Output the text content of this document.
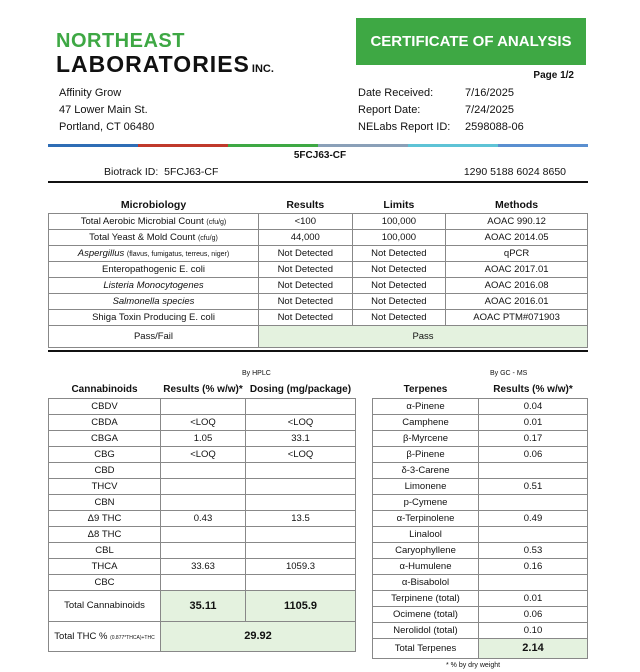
NORTHEAST
LABORATORIES INC.
CERTIFICATE OF ANALYSIS
Page 1/2
Affinity Grow
47 Lower Main St.
Portland, CT 06480
Date Received:	7/16/2025
Report Date:	7/24/2025
NELabs Report ID:	2598088-06
5FCJ63-CF
Biotrack ID: 5FCJ63-CF	1290 5188 6024 8650
Microbiology	Results	Limits	Methods
Total Aerobic Microbial Count (cfu/g)	<100	100,000	AOAC 990.12
Total Yeast & Mold Count (cfu/g)	44,000	100,000	AOAC 2014.05
Aspergillus (flavus, fumigatus, terreus, niger)	Not Detected	Not Detected	qPCR
Enteropathogenic E. coli	Not Detected	Not Detected	AOAC 2017.01
Listeria Monocytogenes	Not Detected	Not Detected	AOAC 2016.08
Salmonella species	Not Detected	Not Detected	AOAC 2016.01
Shiga Toxin Producing E. coli	Not Detected	Not Detected	AOAC PTM#071903
Pass/Fail	Pass		
By HPLC	By GC - MS
Cannabinoids	Results (% w/w)*	Dosing (mg/package)
CBDV		
CBDA	<LOQ	<LOQ
CBGA	1.05	33.1
CBG	<LOQ	<LOQ
CBD		
THCV		
CBN		
Δ9 THC	0.43	13.5
Δ8 THC		
CBL		
THCA	33.63	1059.3
CBC		
Total Cannabinoids	35.11	1105.9
Total THC % (0.877*THCA)+THC	29.92	
Terpenes	Results (% w/w)*
α-Pinene	0.04
Camphene	0.01
β-Myrcene	0.17
β-Pinene	0.06
δ-3-Carene	
Limonene	0.51
p-Cymene	
α-Terpinolene	0.49
Linalool	
Caryophyllene	0.53
α-Humulene	0.16
α-Bisabolol	
Terpinene (total)	0.01
Ocimene (total)	0.06
Nerolidol (total)	0.10
Total Terpenes	2.14
* % by dry weight
